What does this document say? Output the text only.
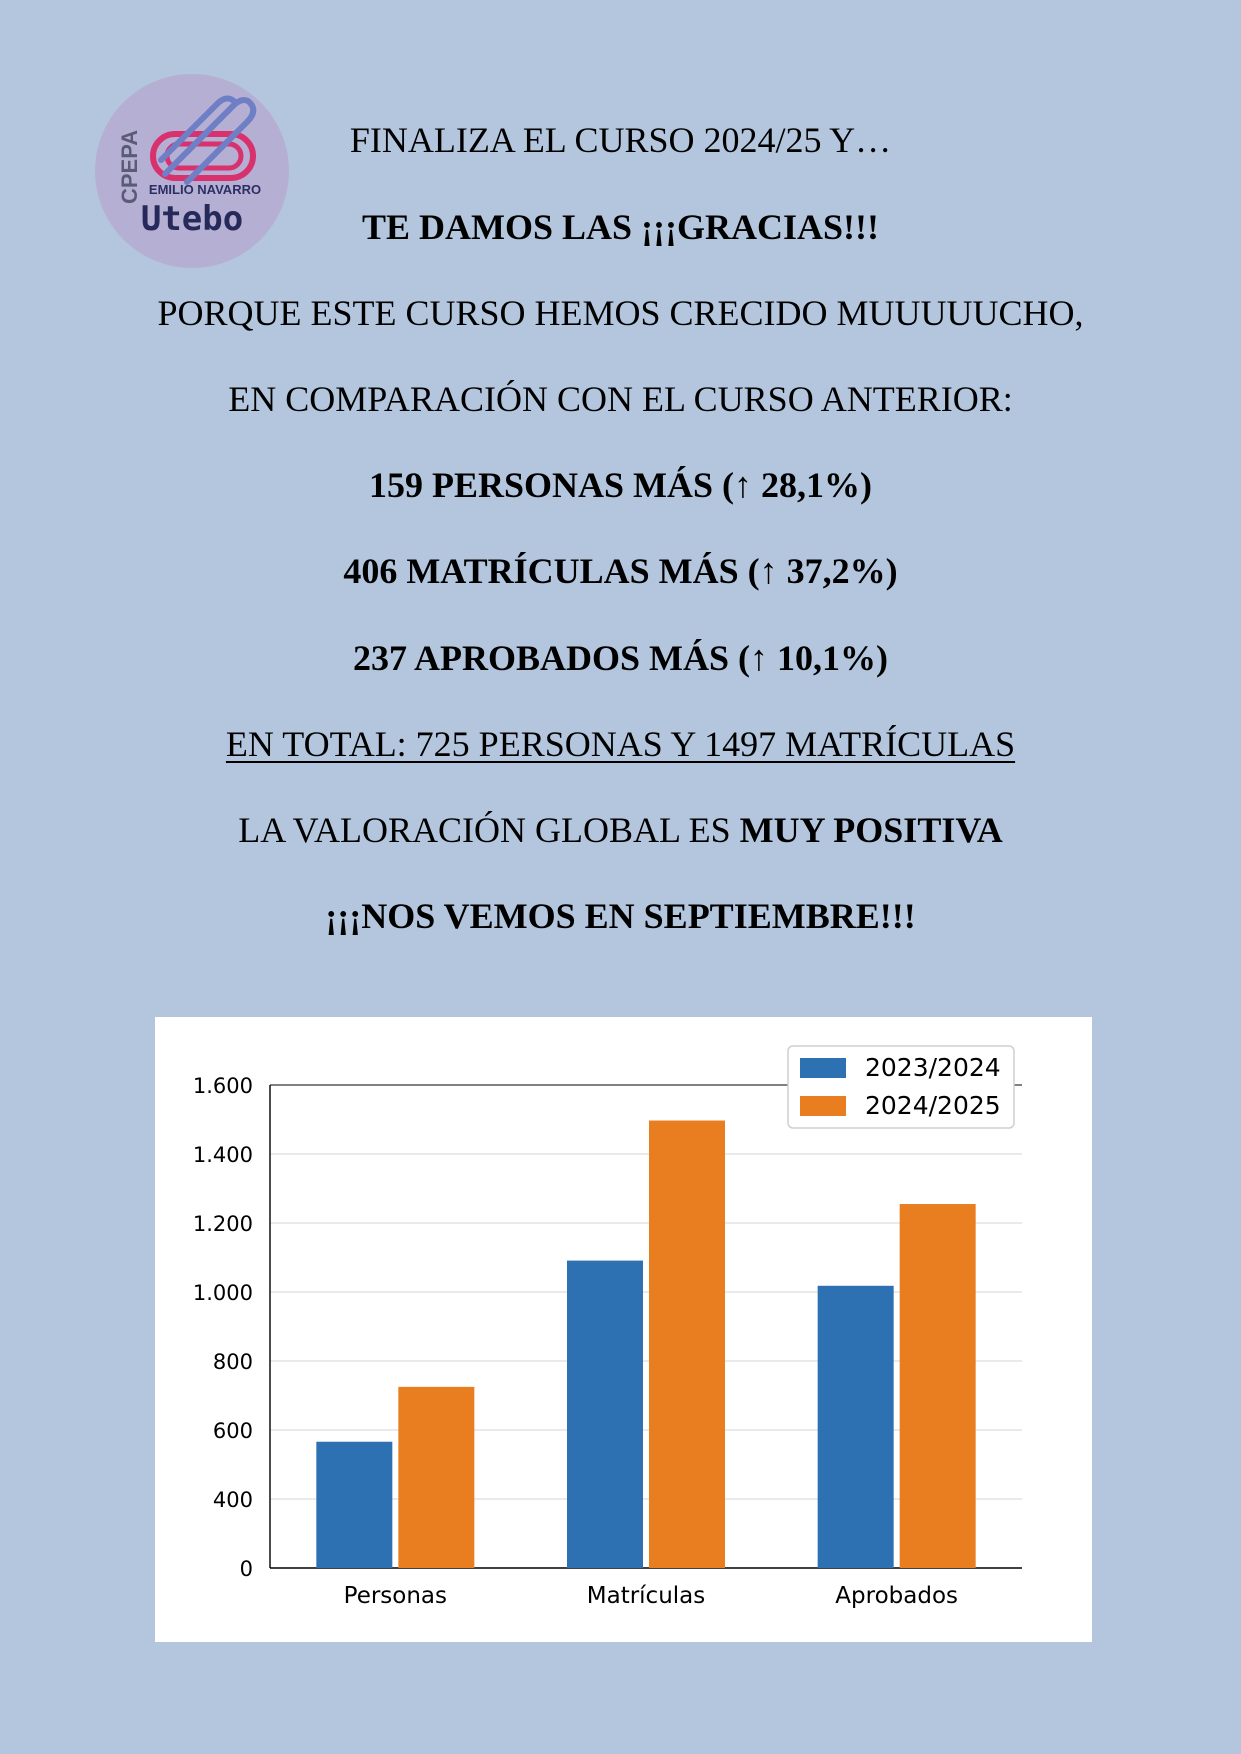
CPEPA EMILIO NAVARRO
Utebo
FINALIZA EL CURSO 2024/25 Y…
TE DAMOS LAS ¡¡¡GRACIAS!!!
PORQUE ESTE CURSO HEMOS CRECIDO MUUUUUCHO,
EN COMPARACIÓN CON EL CURSO ANTERIOR:
159 PERSONAS MÁS (↑ 28,1%)
406 MATRÍCULAS MÁS (↑ 37,2%)
237 APROBADOS MÁS (↑ 10,1%)
EN TOTAL: 725 PERSONAS Y 1497 MATRÍCULAS
LA VALORACIÓN GLOBAL ES MUY POSITIVA
¡¡¡NOS VEMOS EN SEPTIEMBRE!!!
0
400
600
800
1.000
1.200
1.400
1.600
Personas	Matrículas	Aprobados
2023/2024
2024/2025
